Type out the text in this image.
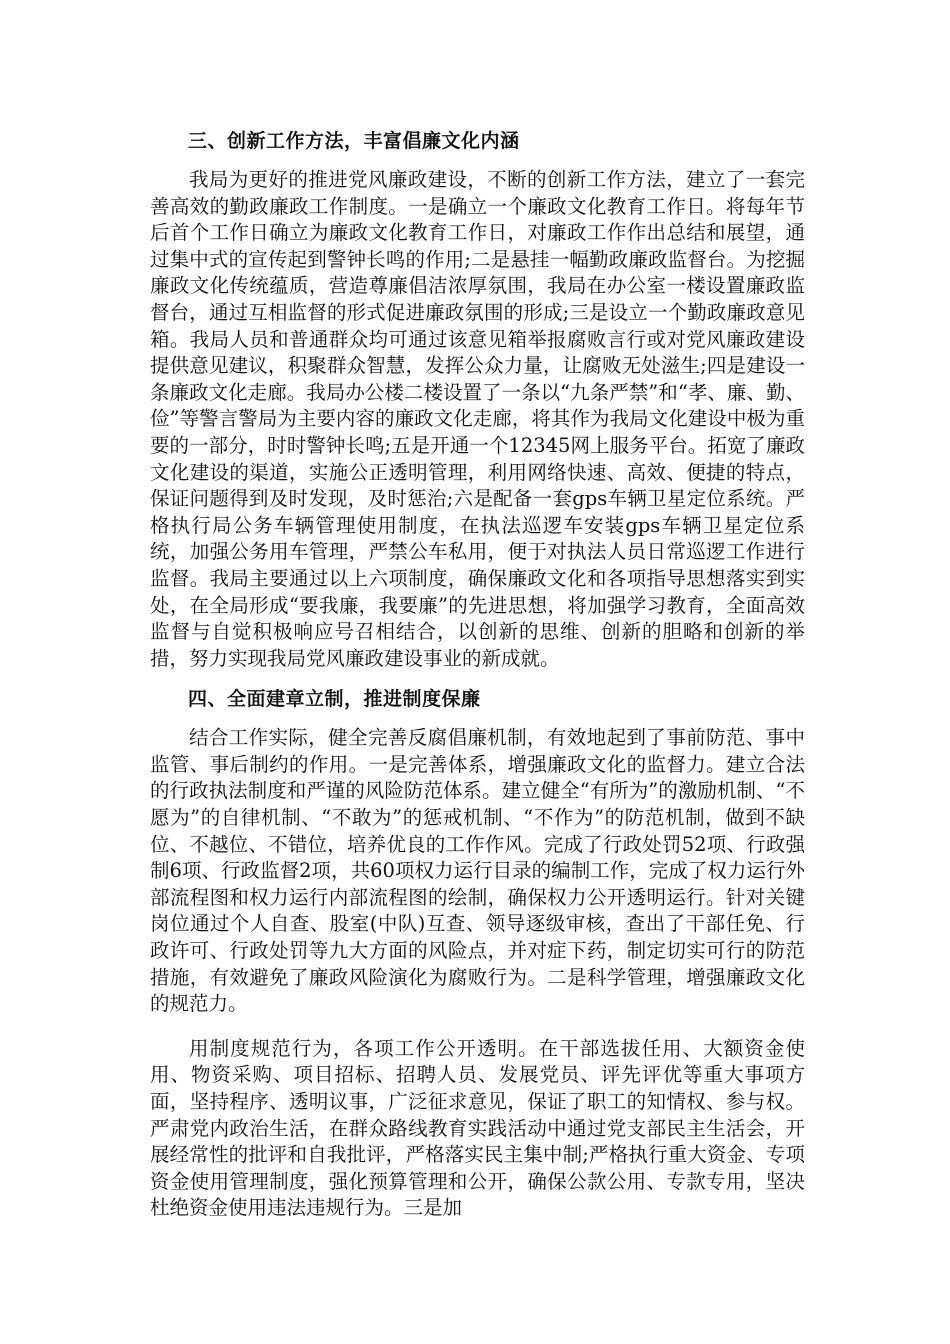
三、创新工作方法，丰富倡廉文化内涵

我局为更好的推进党风廉政建设，不断的创新工作方法，建立了一套完善高效的勤政廉政工作制度。一是确立一个廉政文化教育工作日。将每年节后首个工作日确立为廉政文化教育工作日，对廉政工作作出总结和展望，通过集中式的宣传起到警钟长鸣的作用;二是悬挂一幅勤政廉政监督台。为挖掘廉政文化传统蕴质，营造尊廉倡洁浓厚氛围，我局在办公室一楼设置廉政监督台，通过互相监督的形式促进廉政氛围的形成;三是设立一个勤政廉政意见箱。我局人员和普通群众均可通过该意见箱举报腐败言行或对党风廉政建设提供意见建议，积聚群众智慧，发挥公众力量，让腐败无处滋生;四是建设一条廉政文化走廊。我局办公楼二楼设置了一条以“九条严禁”和“孝、廉、勤、俭”等警言警局为主要内容的廉政文化走廊，将其作为我局文化建设中极为重要的一部分，时时警钟长鸣;五是开通一个12345网上服务平台。拓宽了廉政文化建设的渠道，实施公正透明管理，利用网络快速、高效、便捷的特点，保证问题得到及时发现，及时惩治;六是配备一套gps车辆卫星定位系统。严格执行局公务车辆管理使用制度，在执法巡逻车安装gps车辆卫星定位系统，加强公务用车管理，严禁公车私用，便于对执法人员日常巡逻工作进行监督。我局主要通过以上六项制度，确保廉政文化和各项指导思想落实到实处，在全局形成“要我廉，我要廉”的先进思想，将加强学习教育，全面高效监督与自觉积极响应号召相结合，以创新的思维、创新的胆略和创新的举措，努力实现我局党风廉政建设事业的新成就。

四、全面建章立制，推进制度保廉

结合工作实际，健全完善反腐倡廉机制，有效地起到了事前防范、事中监管、事后制约的作用。一是完善体系，增强廉政文化的监督力。建立合法的行政执法制度和严谨的风险防范体系。建立健全“有所为”的激励机制、“不愿为”的自律机制、“不敢为”的惩戒机制、“不作为”的防范机制，做到不缺位、不越位、不错位，培养优良的工作作风。完成了行政处罚52项、行政强制6项、行政监督2项，共60项权力运行目录的编制工作，完成了权力运行外部流程图和权力运行内部流程图的绘制，确保权力公开透明运行。针对关键岗位通过个人自查、股室(中队)互查、领导逐级审核，查出了干部任免、行政许可、行政处罚等九大方面的风险点，并对症下药，制定切实可行的防范措施，有效避免了廉政风险演化为腐败行为。二是科学管理，增强廉政文化的规范力。

用制度规范行为，各项工作公开透明。在干部选拔任用、大额资金使用、物资采购、项目招标、招聘人员、发展党员、评先评优等重大事项方面，坚持程序、透明议事，广泛征求意见，保证了职工的知情权、参与权。严肃党内政治生活，在群众路线教育实践活动中通过党支部民主生活会，开展经常性的批评和自我批评，严格落实民主集中制;严格执行重大资金、专项资金使用管理制度，强化预算管理和公开，确保公款公用、专款专用，坚决杜绝资金使用违法违规行为。三是加
